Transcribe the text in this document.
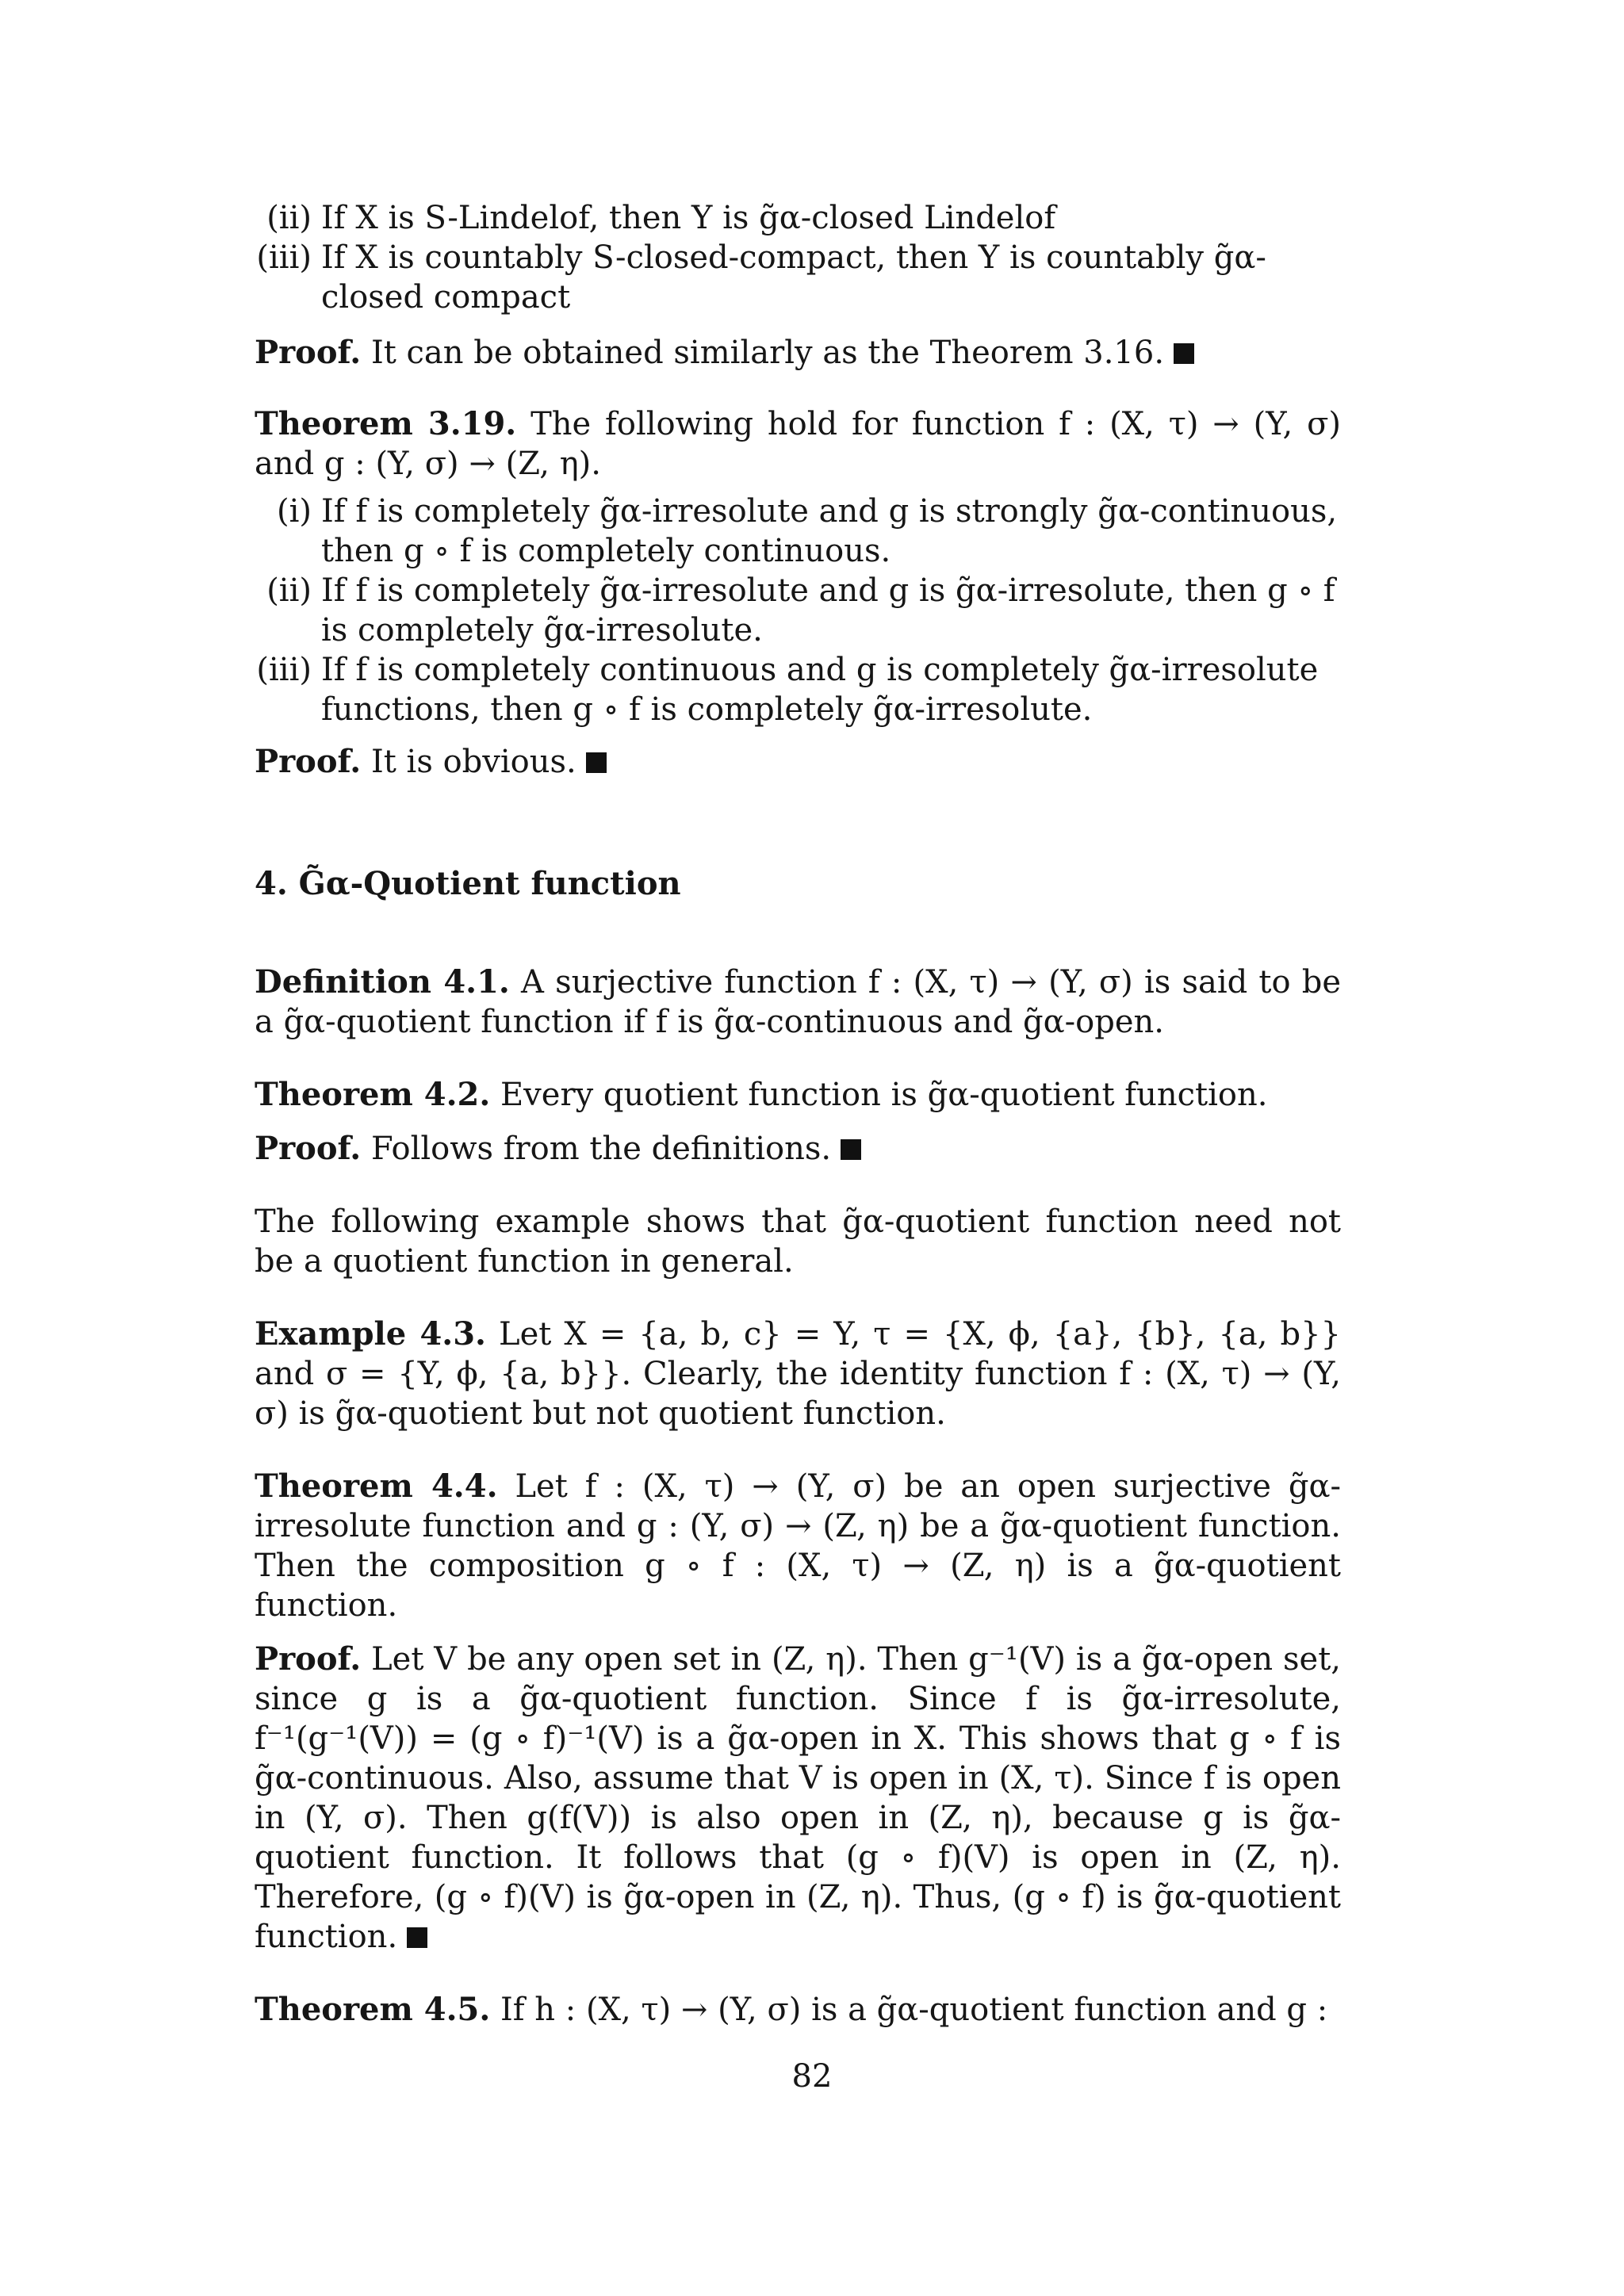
(ii) If X is S-Lindelof, then Y is g̃α-closed Lindelof
(iii) If X is countably S-closed-compact, then Y is countably g̃α-closed compact

Proof. It can be obtained similarly as the Theorem 3.16.

Theorem 3.19. The following hold for function f : (X, τ) → (Y, σ) and g : (Y, σ) → (Z, η).

(i) If f is completely g̃α-irresolute and g is strongly g̃α-continuous, then g ∘ f is completely continuous.
(ii) If f is completely g̃α-irresolute and g is g̃α-irresolute, then g ∘ f is completely g̃α-irresolute.
(iii) If f is completely continuous and g is completely g̃α-irresolute functions, then g ∘ f is completely g̃α-irresolute.

Proof. It is obvious.

4. G̃α-Quotient function

Definition 4.1. A surjective function f : (X, τ) → (Y, σ) is said to be a g̃α-quotient function if f is g̃α-continuous and g̃α-open.

Theorem 4.2. Every quotient function is g̃α-quotient function.

Proof. Follows from the definitions.

The following example shows that g̃α-quotient function need not be a quotient function in general.

Example 4.3. Let X = {a, b, c} = Y, τ = {X, ϕ, {a}, {b}, {a, b}} and σ = {Y, ϕ, {a, b}}. Clearly, the identity function f : (X, τ) → (Y, σ) is g̃α-quotient but not quotient function.

Theorem 4.4. Let f : (X, τ) → (Y, σ) be an open surjective g̃α-irresolute function and g : (Y, σ) → (Z, η) be a g̃α-quotient function. Then the composition g ∘ f : (X, τ) → (Z, η) is a g̃α-quotient function.

Proof. Let V be any open set in (Z, η). Then g⁻¹(V) is a g̃α-open set, since g is a g̃α-quotient function. Since f is g̃α-irresolute, f⁻¹(g⁻¹(V)) = (g ∘ f)⁻¹(V) is a g̃α-open in X. This shows that g ∘ f is g̃α-continuous. Also, assume that V is open in (X, τ). Since f is open in (Y, σ). Then g(f(V)) is also open in (Z, η), because g is g̃α-quotient function. It follows that (g ∘ f)(V) is open in (Z, η). Therefore, (g ∘ f)(V) is g̃α-open in (Z, η). Thus, (g ∘ f) is g̃α-quotient function.

Theorem 4.5. If h : (X, τ) → (Y, σ) is a g̃α-quotient function and g :

82
